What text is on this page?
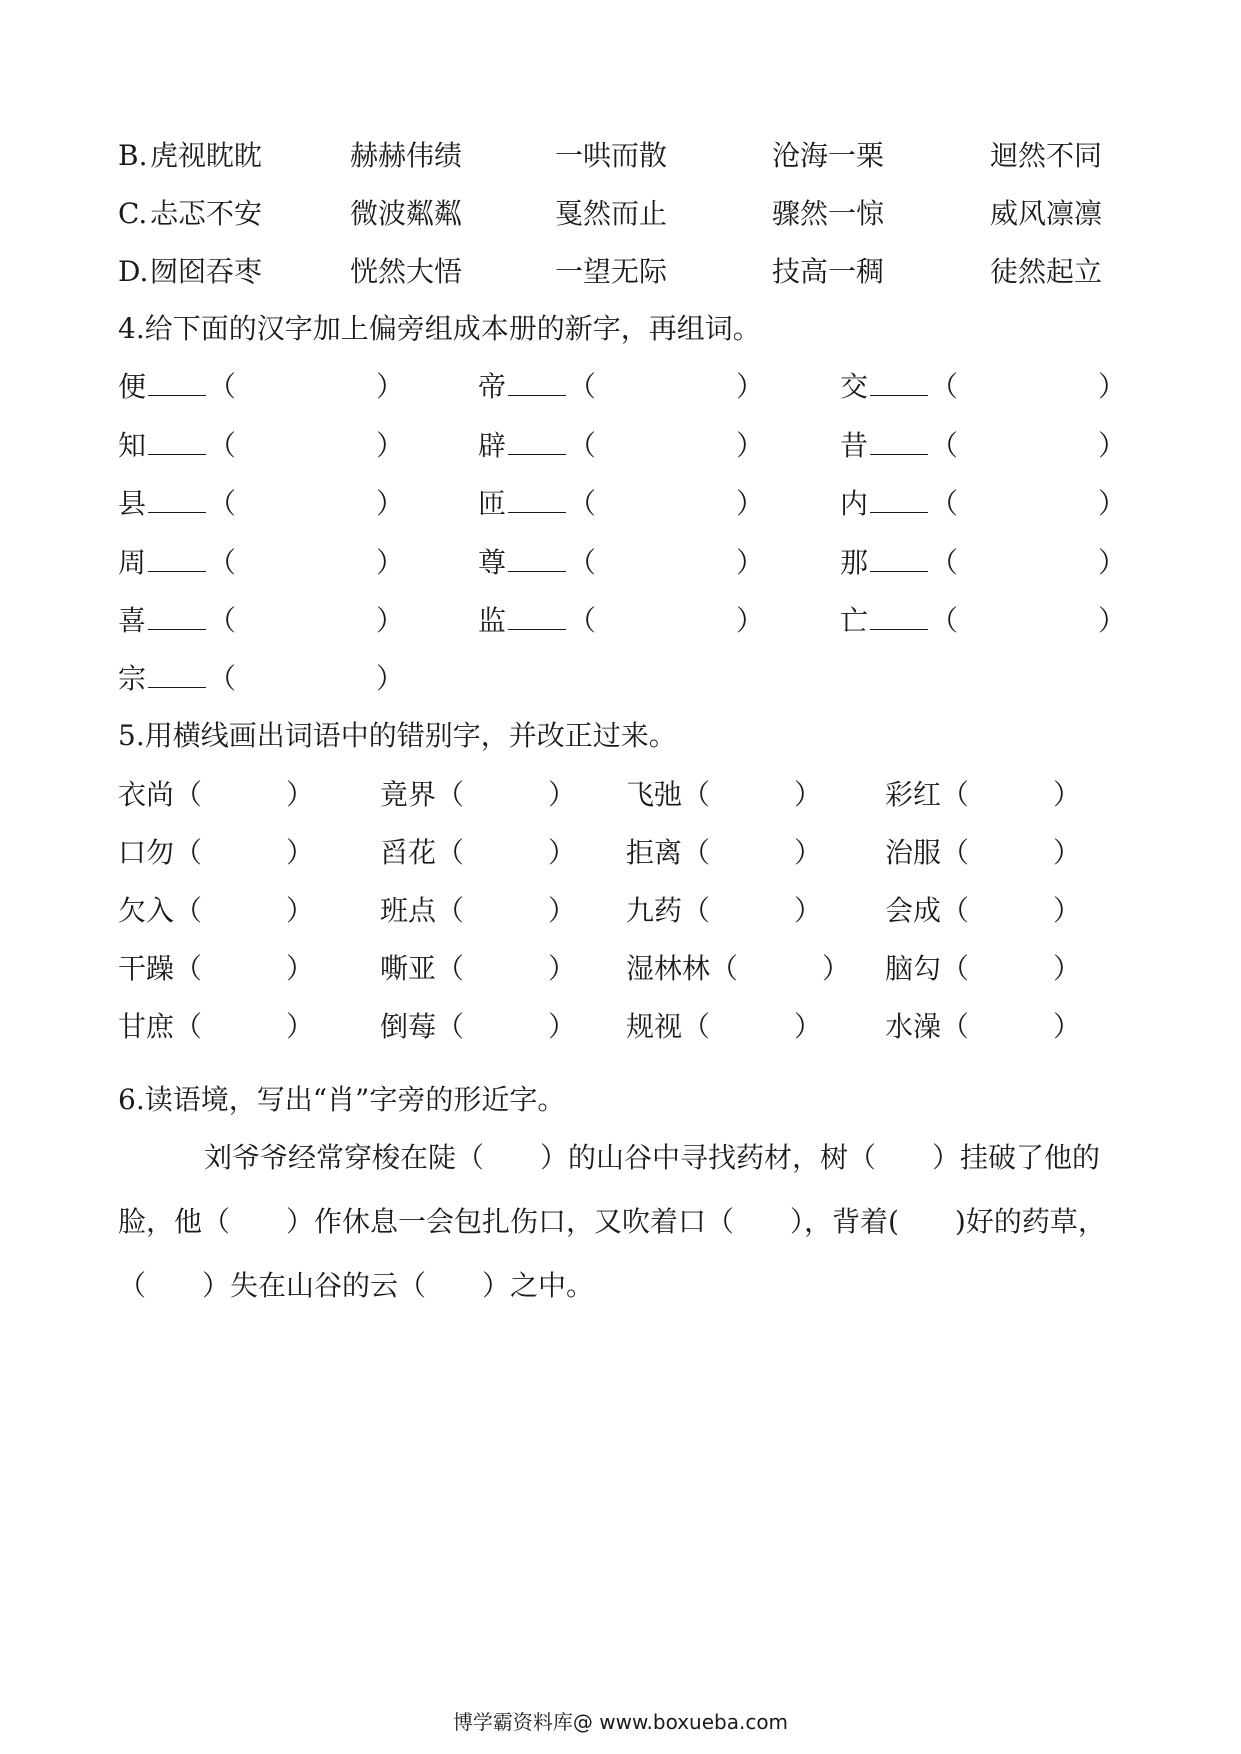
B. 虎视眈眈	赫赫伟绩	一哄而散	沧海一栗	迴然不同
C. 忐忑不安	微波粼粼	戛然而止	骤然一惊	威风凛凛
D. 囫囵吞枣	恍然大悟	一望无际	技高一稠	徒然起立
4.给下面的汉字加上偏旁组成本册的新字，再组词。
便 （　　　　　）	帝 （　　　　　）	交 （　　　　　）
知 （　　　　　）	辟 （　　　　　）	昔 （　　　　　）
县 （　　　　　）	匝 （　　　　　）	内 （　　　　　）
周 （　　　　　）	尊 （　　　　　）	那 （　　　　　）
喜 （　　　　　）	监 （　　　　　）	亡 （　　　　　）
宗 （　　　　　）
5.用横线画出词语中的错别字，并改正过来。
衣尚（　　　） 竟界（　　　） 飞弛（　　　） 彩红（　　　）
口勿（　　　） 舀花（　　　） 拒离（　　　） 治服（　　　）
欠入（　　　） 班点（　　　） 九药（　　　） 会成（　　　）
干躁（　　　） 嘶亚（　　　） 湿林林（　　　） 脑勾（　　　）
甘庶（　　　） 倒莓（　　　） 规视（　　　） 水澡（　　　）
6.读语境，写出“肖”字旁的形近字。
刘爷爷经常穿梭在陡（　　）的山谷中寻找药材，树（　　）挂破了他的
脸，他（　　）作休息一会包扎伤口，又吹着口（　　），背着(　　)好的药草，
（　　）失在山谷的云（　　）之中。
博学霸资料库@ www.boxueba.com
